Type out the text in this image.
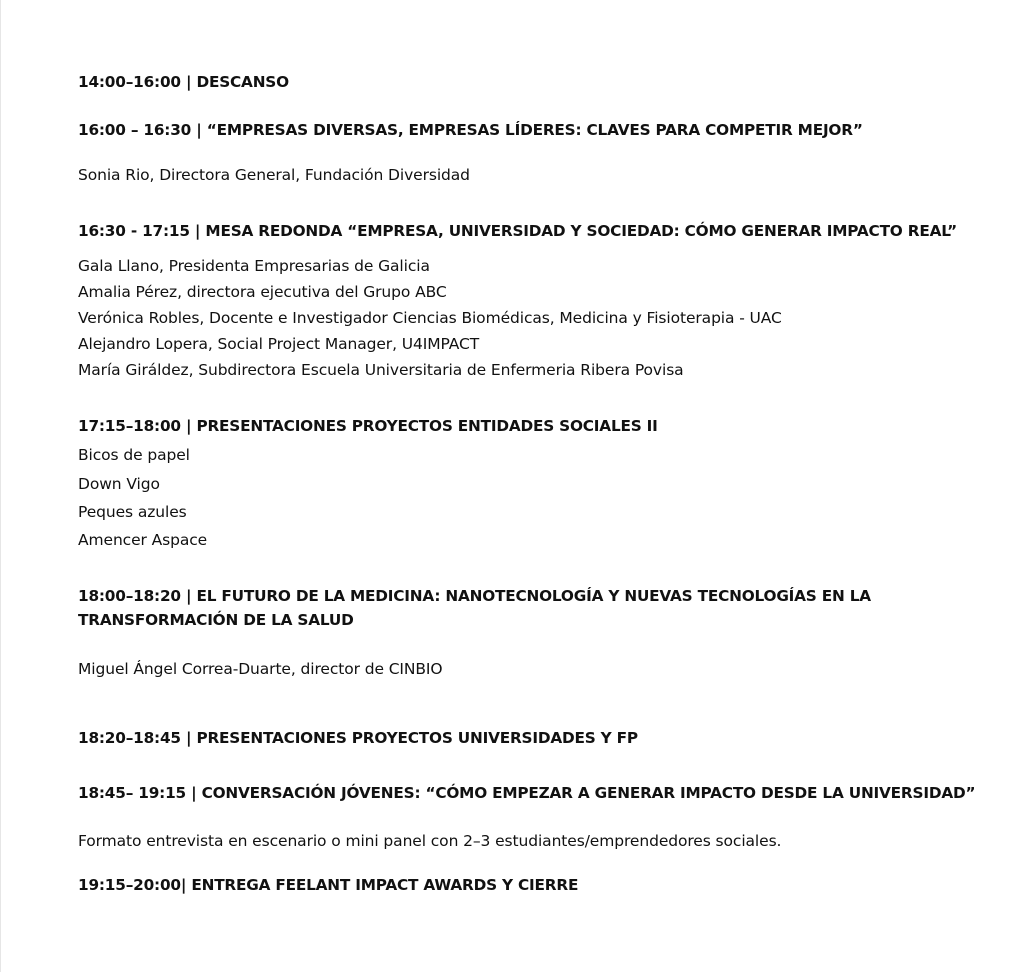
14:00–16:00 | DESCANSO
16:00 – 16:30 | “EMPRESAS DIVERSAS, EMPRESAS LÍDERES: CLAVES PARA COMPETIR MEJOR”
Sonia Rio, Directora General, Fundación Diversidad
16:30 - 17:15 | MESA REDONDA “EMPRESA, UNIVERSIDAD Y SOCIEDAD: CÓMO GENERAR IMPACTO REAL”
Gala Llano, Presidenta Empresarias de Galicia
Amalia Pérez, directora ejecutiva del Grupo ABC
Verónica Robles, Docente e Investigador Ciencias Biomédicas, Medicina y Fisioterapia - UAC
Alejandro Lopera, Social Project Manager, U4IMPACT
María Giráldez, Subdirectora Escuela Universitaria de Enfermeria Ribera Povisa
17:15–18:00 | PRESENTACIONES PROYECTOS ENTIDADES SOCIALES II
Bicos de papel
Down Vigo
Peques azules
Amencer Aspace
18:00–18:20 | EL FUTURO DE LA MEDICINA: NANOTECNOLOGÍA Y NUEVAS TECNOLOGÍAS EN LA
TRANSFORMACIÓN DE LA SALUD
Miguel Ángel Correa-Duarte, director de CINBIO
18:20–18:45 | PRESENTACIONES PROYECTOS UNIVERSIDADES Y FP
18:45– 19:15 | CONVERSACIÓN JÓVENES: “CÓMO EMPEZAR A GENERAR IMPACTO DESDE LA UNIVERSIDAD”
Formato entrevista en escenario o mini panel con 2–3 estudiantes/emprendedores sociales.
19:15–20:00| ENTREGA FEELANT IMPACT AWARDS Y CIERRE
